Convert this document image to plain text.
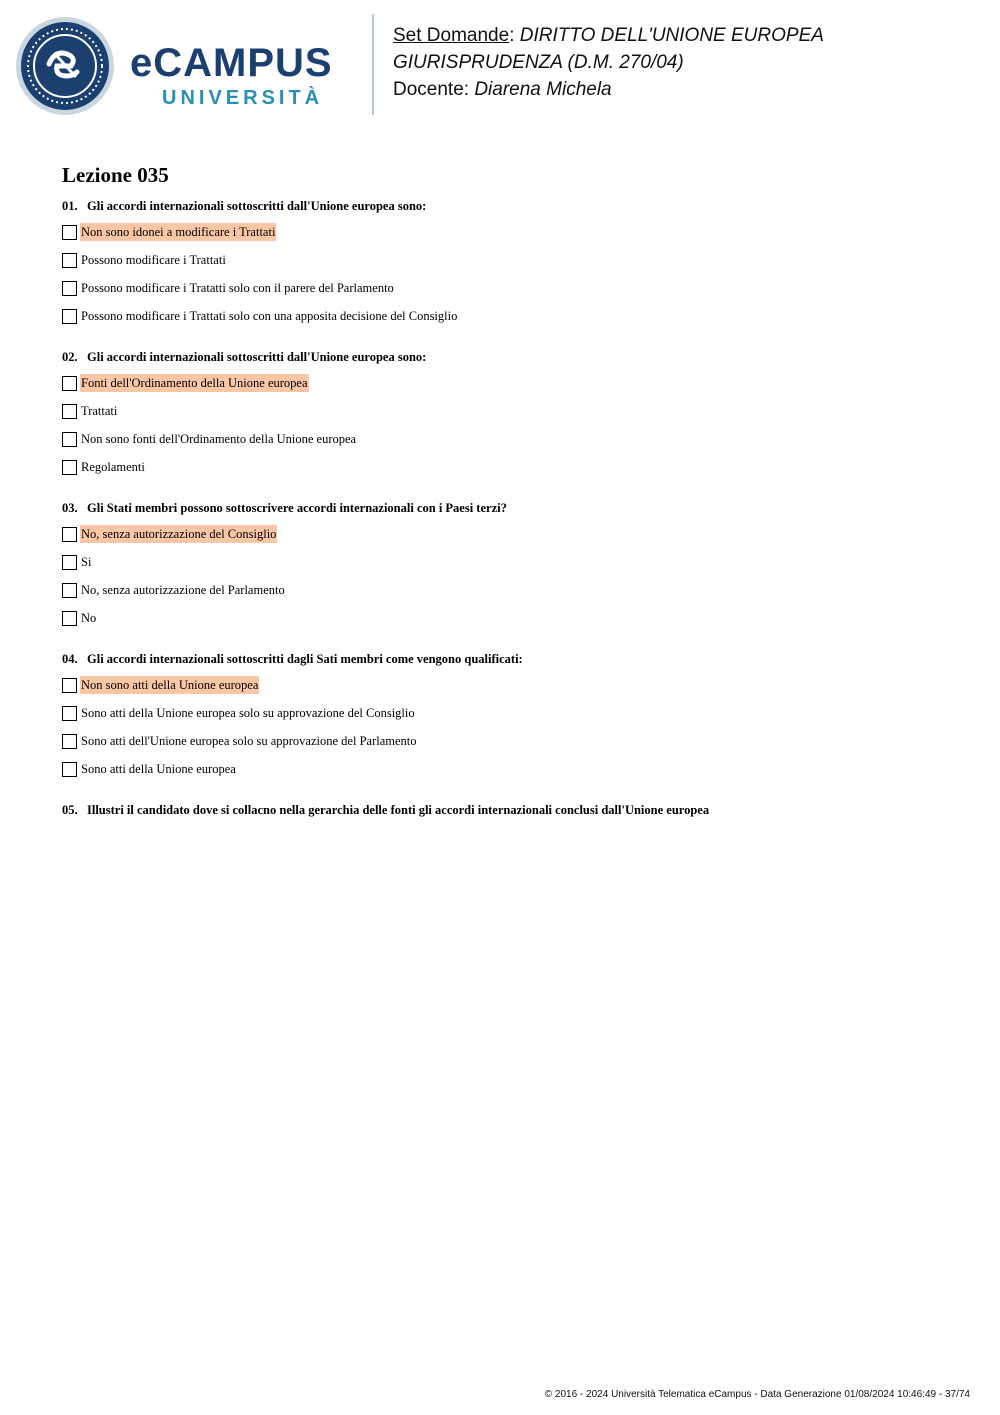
eCAMPUS
UNIVERSITÀ
Set Domande: DIRITTO DELL'UNIONE EUROPEA
GIURISPRUDENZA (D.M. 270/04)
Docente: Diarena Michela
Lezione 035
01. Gli accordi internazionali sottoscritti dall'Unione europea sono:
Non sono idonei a modificare i Trattati
Possono modificare i Trattati
Possono modificare i Tratatti solo con il parere del Parlamento
Possono modificare i Trattati solo con una apposita decisione del Consiglio
02. Gli accordi internazionali sottoscritti dall'Unione europea sono:
Fonti dell'Ordinamento della Unione europea
Trattati
Non sono fonti dell'Ordinamento della Unione europea
Regolamenti
03. Gli Stati membri possono sottoscrivere accordi internazionali con i Paesi terzi?
No, senza autorizzazione del Consiglio
Si
No, senza autorizzazione del Parlamento
No
04. Gli accordi internazionali sottoscritti dagli Sati membri come vengono qualificati:
Non sono atti della Unione europea
Sono atti della Unione europea solo su approvazione del Consiglio
Sono atti dell'Unione europea solo su approvazione del Parlamento
Sono atti della Unione europea
05. Illustri il candidato dove si collacno nella gerarchia delle fonti gli accordi internazionali conclusi dall'Unione europea
© 2016 - 2024 Università Telematica eCampus - Data Generazione 01/08/2024 10:46:49 - 37/74
